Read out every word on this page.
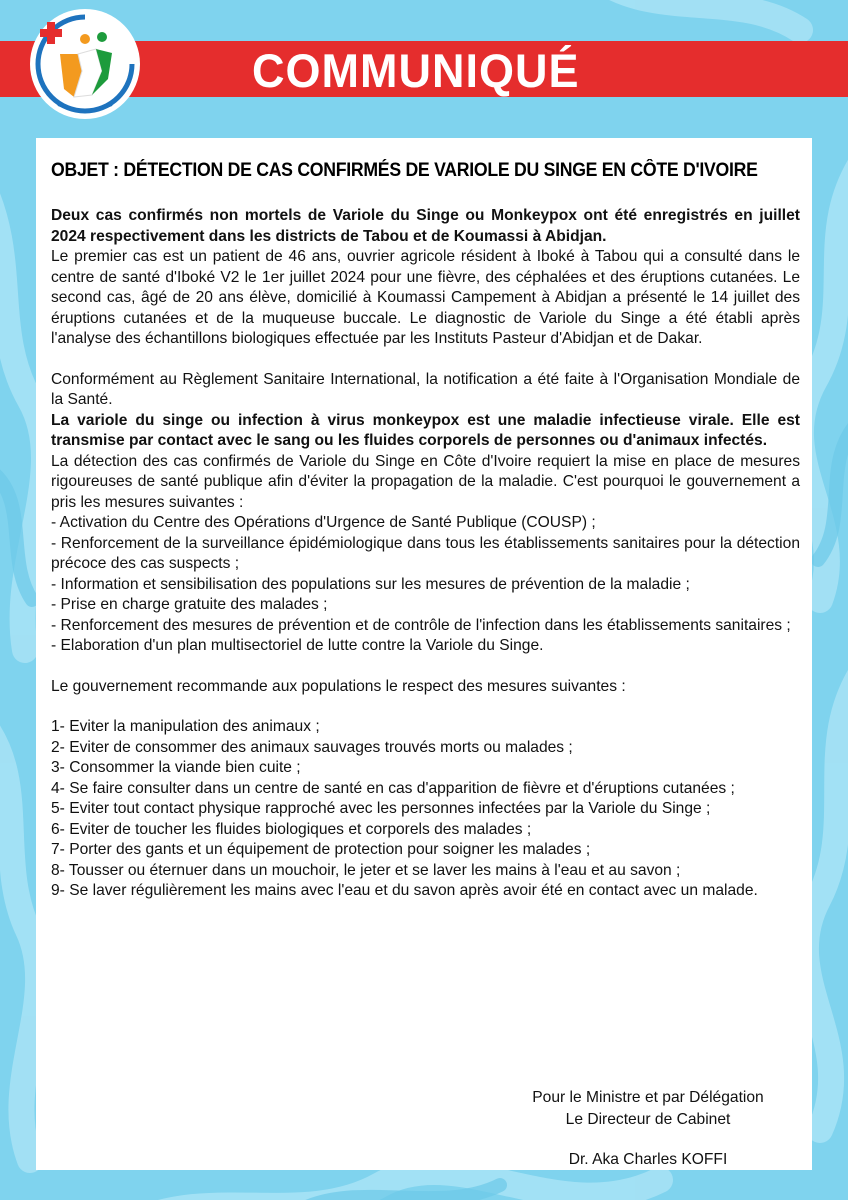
COMMUNIQUÉ

OBJET : DÉTECTION DE CAS CONFIRMÉS DE VARIOLE DU SINGE EN CÔTE D'IVOIRE

Deux cas confirmés non mortels de Variole du Singe ou Monkeypox ont été enregistrés en juillet 2024 respectivement dans les districts de Tabou et de Koumassi à Abidjan.

Le premier cas est un patient de 46 ans, ouvrier agricole résident à Iboké à Tabou qui a consulté dans le centre de santé d'Iboké V2 le 1er juillet 2024 pour une fièvre, des céphalées et des éruptions cutanées. Le second cas, âgé de 20 ans élève, domicilié à Koumassi Campement à Abidjan a présenté le 14 juillet des éruptions cutanées et de la muqueuse buccale. Le diagnostic de Variole du Singe a été établi après l'analyse des échantillons biologiques effectuée par les Instituts Pasteur d'Abidjan et de Dakar.

Conformément au Règlement Sanitaire International, la notification a été faite à l'Organisation Mondiale de la Santé.

La variole du singe ou infection à virus monkeypox est une maladie infectieuse virale. Elle est transmise par contact avec le sang ou les fluides corporels de personnes ou d'animaux infectés.

La détection des cas confirmés de Variole du Singe en Côte d'Ivoire requiert la mise en place de mesures rigoureuses de santé publique afin d'éviter la propagation de la maladie. C'est pourquoi le gouvernement a pris les mesures suivantes :

- Activation du Centre des Opérations d'Urgence de Santé Publique (COUSP) ;

- Renforcement de la surveillance épidémiologique dans tous les établissements sanitaires pour la détection précoce des cas suspects ;

- Information et sensibilisation des populations sur les mesures de prévention de la maladie ;

- Prise en charge gratuite des malades ;

- Renforcement des mesures de prévention et de contrôle de l'infection dans les établissements sanitaires ;

- Elaboration d'un plan multisectoriel de lutte contre la Variole du Singe.

Le gouvernement recommande aux populations le respect des mesures suivantes :

1- Eviter la manipulation des animaux ;

2- Eviter de consommer des animaux sauvages trouvés morts ou malades ;

3- Consommer la viande bien cuite ;

4- Se faire consulter dans un centre de santé en cas d'apparition de fièvre et d'éruptions cutanées ;

5- Eviter tout contact physique rapproché avec les personnes infectées par la Variole du Singe ;

6- Eviter de toucher les fluides biologiques et corporels des malades ;

7- Porter des gants et un équipement de protection pour soigner les malades ;

8- Tousser ou éternuer dans un mouchoir, le jeter et se laver les mains à l'eau et au savon ;

9- Se laver régulièrement les mains avec l'eau et du savon après avoir été en contact avec un malade.

Pour le Ministre et par Délégation
Le Directeur de Cabinet
Dr. Aka Charles KOFFI
